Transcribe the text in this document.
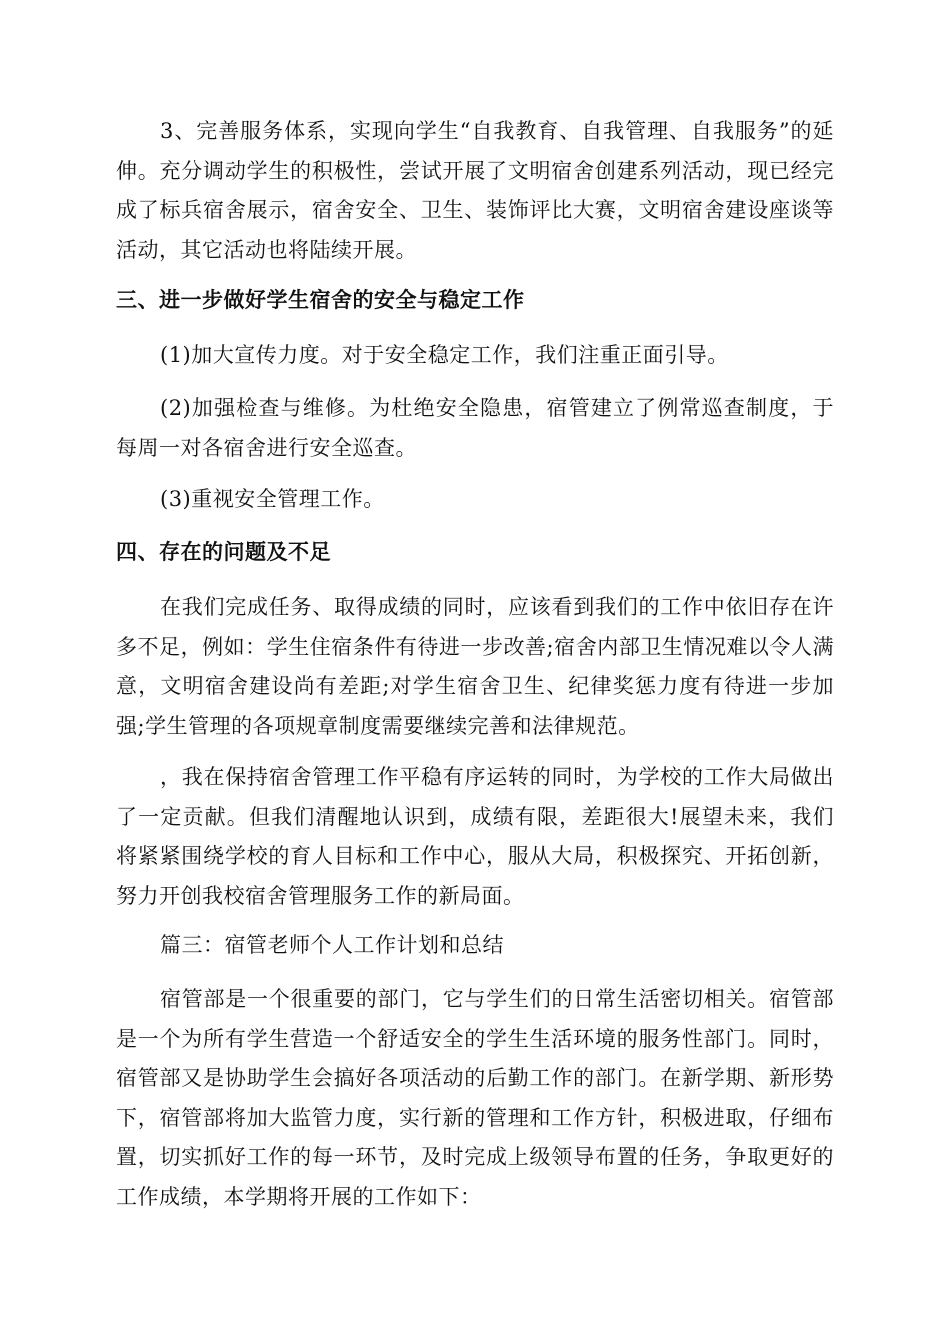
3、完善服务体系，实现向学生“自我教育、自我管理、自我服务”的延伸。充分调动学生的积极性，尝试开展了文明宿舍创建系列活动，现已经完成了标兵宿舍展示，宿舍安全、卫生、装饰评比大赛，文明宿舍建设座谈等活动，其它活动也将陆续开展。

三、进一步做好学生宿舍的安全与稳定工作

(1)加大宣传力度。对于安全稳定工作，我们注重正面引导。

(2)加强检查与维修。为杜绝安全隐患，宿管建立了例常巡查制度，于每周一对各宿舍进行安全巡查。

(3)重视安全管理工作。

四、存在的问题及不足

在我们完成任务、取得成绩的同时，应该看到我们的工作中依旧存在许多不足，例如：学生住宿条件有待进一步改善;宿舍内部卫生情况难以令人满意，文明宿舍建设尚有差距;对学生宿舍卫生、纪律奖惩力度有待进一步加强;学生管理的各项规章制度需要继续完善和法律规范。

，我在保持宿舍管理工作平稳有序运转的同时，为学校的工作大局做出了一定贡献。但我们清醒地认识到，成绩有限，差距很大!展望未来，我们将紧紧围绕学校的育人目标和工作中心，服从大局，积极探究、开拓创新，努力开创我校宿舍管理服务工作的新局面。

篇三：宿管老师个人工作计划和总结

宿管部是一个很重要的部门，它与学生们的日常生活密切相关。宿管部是一个为所有学生营造一个舒适安全的学生生活环境的服务性部门。同时，宿管部又是协助学生会搞好各项活动的后勤工作的部门。在新学期、新形势下，宿管部将加大监管力度，实行新的管理和工作方针，积极进取，仔细布置，切实抓好工作的每一环节，及时完成上级领导布置的任务，争取更好的工作成绩，本学期将开展的工作如下：
